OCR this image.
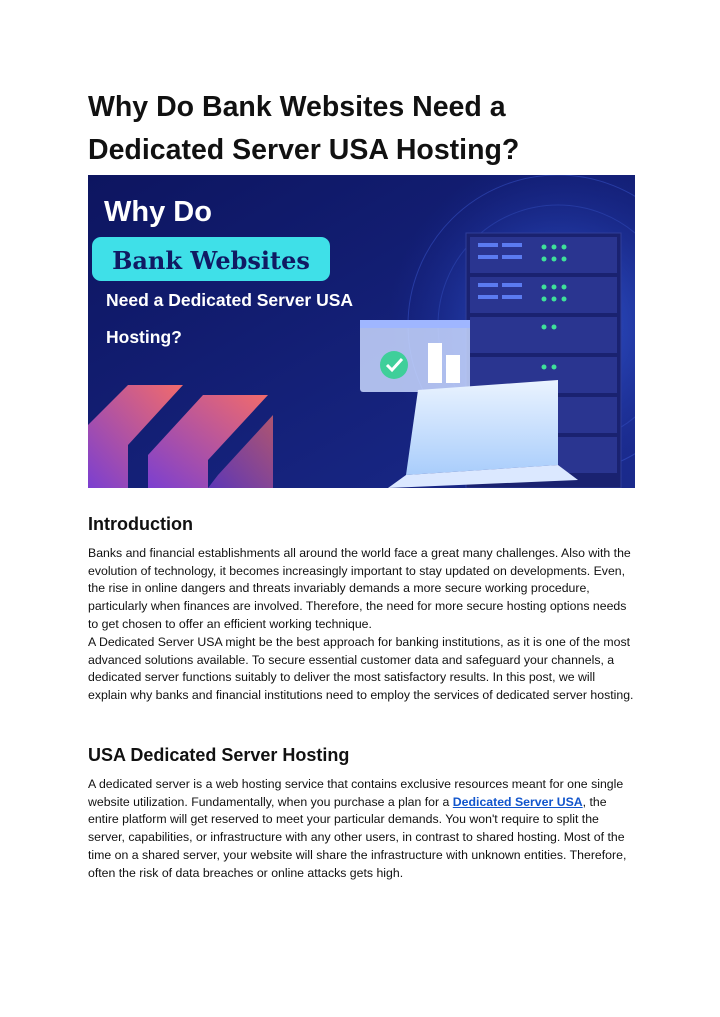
Why Do Bank Websites Need a Dedicated Server USA Hosting?
Why Do
Bank Websites
Need a Dedicated Server USA
Hosting?
Introduction

Banks and financial establishments all around the world face a great many challenges. Also with the evolution of technology, it becomes increasingly important to stay updated on developments. Even, the rise in online dangers and threats invariably demands a more secure working procedure, particularly when finances are involved. Therefore, the need for more secure hosting options needs to get chosen to offer an efficient working technique.

A Dedicated Server USA might be the best approach for banking institutions, as it is one of the most advanced solutions available. To secure essential customer data and safeguard your channels, a dedicated server functions suitably to deliver the most satisfactory results. In this post, we will explain why banks and financial institutions need to employ the services of dedicated server hosting.

USA Dedicated Server Hosting

A dedicated server is a web hosting service that contains exclusive resources meant for one single website utilization. Fundamentally, when you purchase a plan for a Dedicated Server USA, the entire platform will get reserved to meet your particular demands. You won't require to split the server, capabilities, or infrastructure with any other users, in contrast to shared hosting. Most of the time on a shared server, your website will share the infrastructure with unknown entities. Therefore, often the risk of data breaches or online attacks gets high.
